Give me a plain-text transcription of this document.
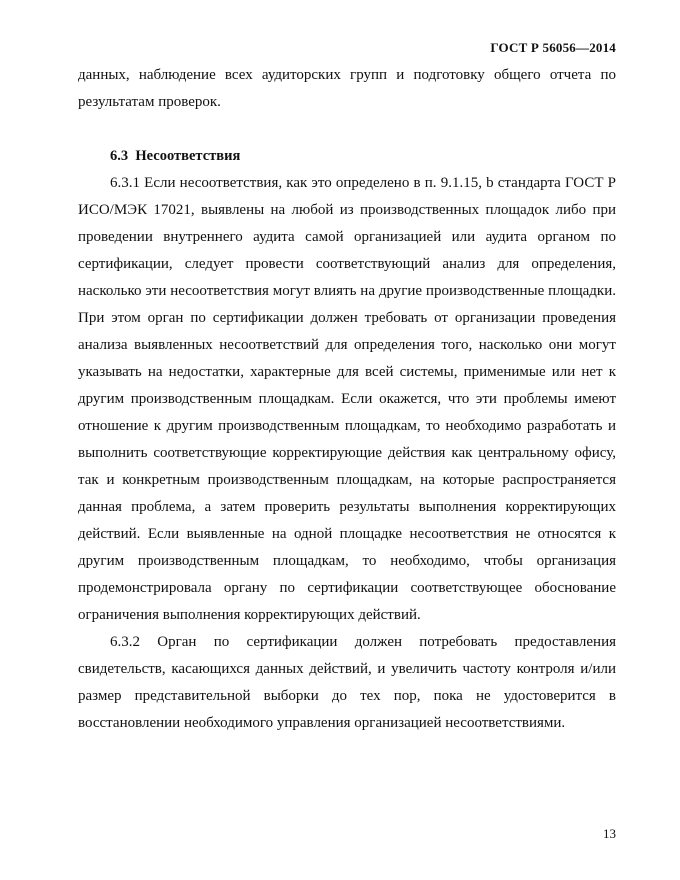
ГОСТ Р 56056—2014

данных, наблюдение всех аудиторских групп и подготовку общего отчета по результатам проверок.

6.3 Несоответствия

6.3.1 Если несоответствия, как это определено в п. 9.1.15, b стандарта ГОСТ Р ИСО/МЭК 17021, выявлены на любой из производственных площадок либо при проведении внутреннего аудита самой организацией или аудита органом по сертификации, следует провести соответствующий анализ для определения, насколько эти несоответствия могут влиять на другие производственные площадки. При этом орган по сертификации должен требовать от организации проведения анализа выявленных несоответствий для определения того, насколько они могут указывать на недостатки, характерные для всей системы, применимые или нет к другим производственным площадкам. Если окажется, что эти проблемы имеют отношение к другим производственным площадкам, то необходимо разработать и выполнить соответствующие корректирующие действия как центральному офису, так и конкретным производственным площадкам, на которые распространяется данная проблема, а затем проверить результаты выполнения корректирующих действий. Если выявленные на одной площадке несоответствия не относятся к другим производственным площадкам, то необходимо, чтобы организация продемонстрировала органу по сертификации соответствующее обоснование ограничения выполнения корректирующих действий.

6.3.2 Орган по сертификации должен потребовать предоставления свидетельств, касающихся данных действий, и увеличить частоту контроля и/или размер представительной выборки до тех пор, пока не удостоверится в восстановлении необходимого управления организацией несоответствиями.

13
